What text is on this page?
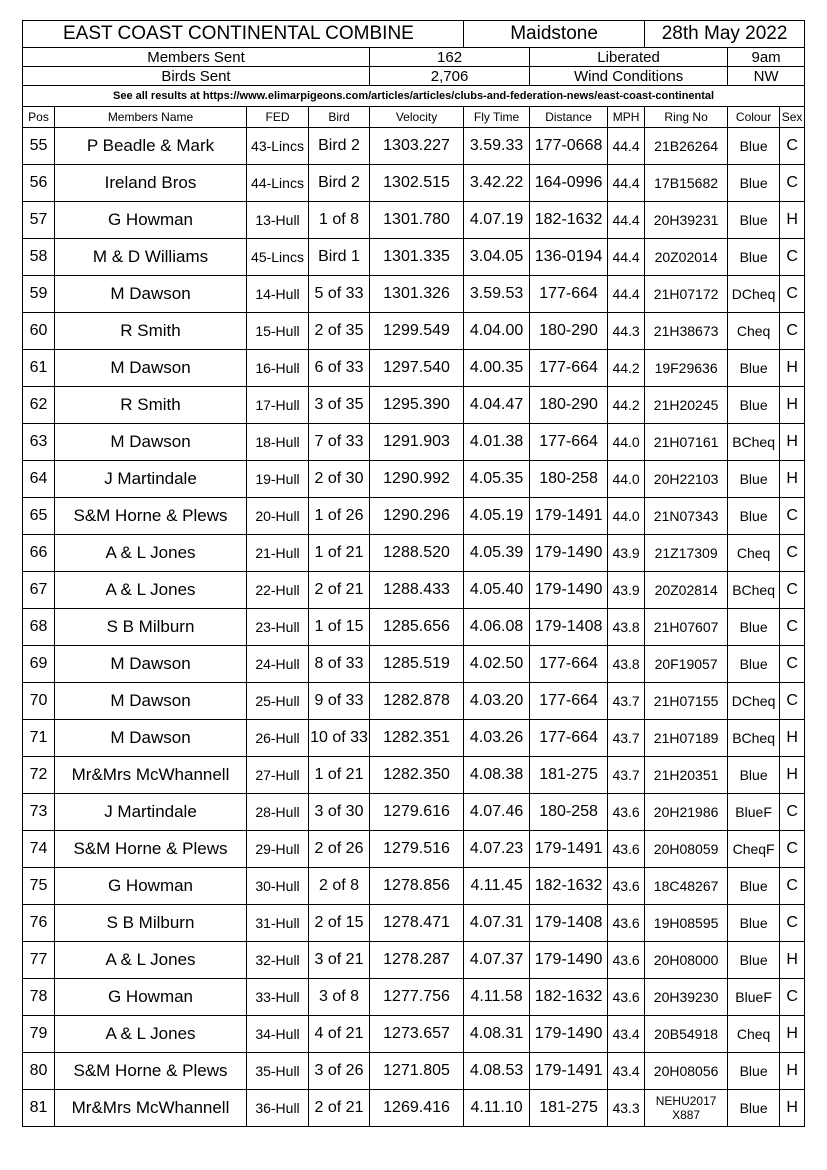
EAST COAST CONTINENTAL COMBINE					Maidstone			28th May 2022		
Members Sent				162		Liberated			9am	
Birds Sent				2,706		Wind Conditions			NW	
See all results at https://www.elimarpigeons.com/articles/articles/clubs-and-federation-news/east-coast-continental										
Pos	Members Name	FED	Bird	Velocity	Fly Time	Distance	MPH	Ring No	Colour	Sex
55	P Beadle & Mark	43-Lincs	Bird 2	1303.227	3.59.33	177-0668	44.4	21B26264	Blue	C
56	Ireland Bros	44-Lincs	Bird 2	1302.515	3.42.22	164-0996	44.4	17B15682	Blue	C
57	G Howman	13-Hull	1 of 8	1301.780	4.07.19	182-1632	44.4	20H39231	Blue	H
58	M & D Williams	45-Lincs	Bird 1	1301.335	3.04.05	136-0194	44.4	20Z02014	Blue	C
59	M Dawson	14-Hull	5 of 33	1301.326	3.59.53	177-664	44.4	21H07172	DCheq	C
60	R Smith	15-Hull	2 of 35	1299.549	4.04.00	180-290	44.3	21H38673	Cheq	C
61	M Dawson	16-Hull	6 of 33	1297.540	4.00.35	177-664	44.2	19F29636	Blue	H
62	R Smith	17-Hull	3 of 35	1295.390	4.04.47	180-290	44.2	21H20245	Blue	H
63	M Dawson	18-Hull	7 of 33	1291.903	4.01.38	177-664	44.0	21H07161	BCheq	H
64	J Martindale	19-Hull	2 of 30	1290.992	4.05.35	180-258	44.0	20H22103	Blue	H
65	S&M Horne & Plews	20-Hull	1 of 26	1290.296	4.05.19	179-1491	44.0	21N07343	Blue	C
66	A & L Jones	21-Hull	1 of 21	1288.520	4.05.39	179-1490	43.9	21Z17309	Cheq	C
67	A & L Jones	22-Hull	2 of 21	1288.433	4.05.40	179-1490	43.9	20Z02814	BCheq	C
68	S B Milburn	23-Hull	1 of 15	1285.656	4.06.08	179-1408	43.8	21H07607	Blue	C
69	M Dawson	24-Hull	8 of 33	1285.519	4.02.50	177-664	43.8	20F19057	Blue	C
70	M Dawson	25-Hull	9 of 33	1282.878	4.03.20	177-664	43.7	21H07155	DCheq	C
71	M Dawson	26-Hull	10 of 33	1282.351	4.03.26	177-664	43.7	21H07189	BCheq	H
72	Mr&Mrs McWhannell	27-Hull	1 of 21	1282.350	4.08.38	181-275	43.7	21H20351	Blue	H
73	J Martindale	28-Hull	3 of 30	1279.616	4.07.46	180-258	43.6	20H21986	BlueF	C
74	S&M Horne & Plews	29-Hull	2 of 26	1279.516	4.07.23	179-1491	43.6	20H08059	CheqF	C
75	G Howman	30-Hull	2 of 8	1278.856	4.11.45	182-1632	43.6	18C48267	Blue	C
76	S B Milburn	31-Hull	2 of 15	1278.471	4.07.31	179-1408	43.6	19H08595	Blue	C
77	A & L Jones	32-Hull	3 of 21	1278.287	4.07.37	179-1490	43.6	20H08000	Blue	H
78	G Howman	33-Hull	3 of 8	1277.756	4.11.58	182-1632	43.6	20H39230	BlueF	C
79	A & L Jones	34-Hull	4 of 21	1273.657	4.08.31	179-1490	43.4	20B54918	Cheq	H
80	S&M Horne & Plews	35-Hull	3 of 26	1271.805	4.08.53	179-1491	43.4	20H08056	Blue	H
81	Mr&Mrs McWhannell	36-Hull	2 of 21	1269.416	4.11.10	181-275	43.3	NEHU2017
X887	Blue	H
